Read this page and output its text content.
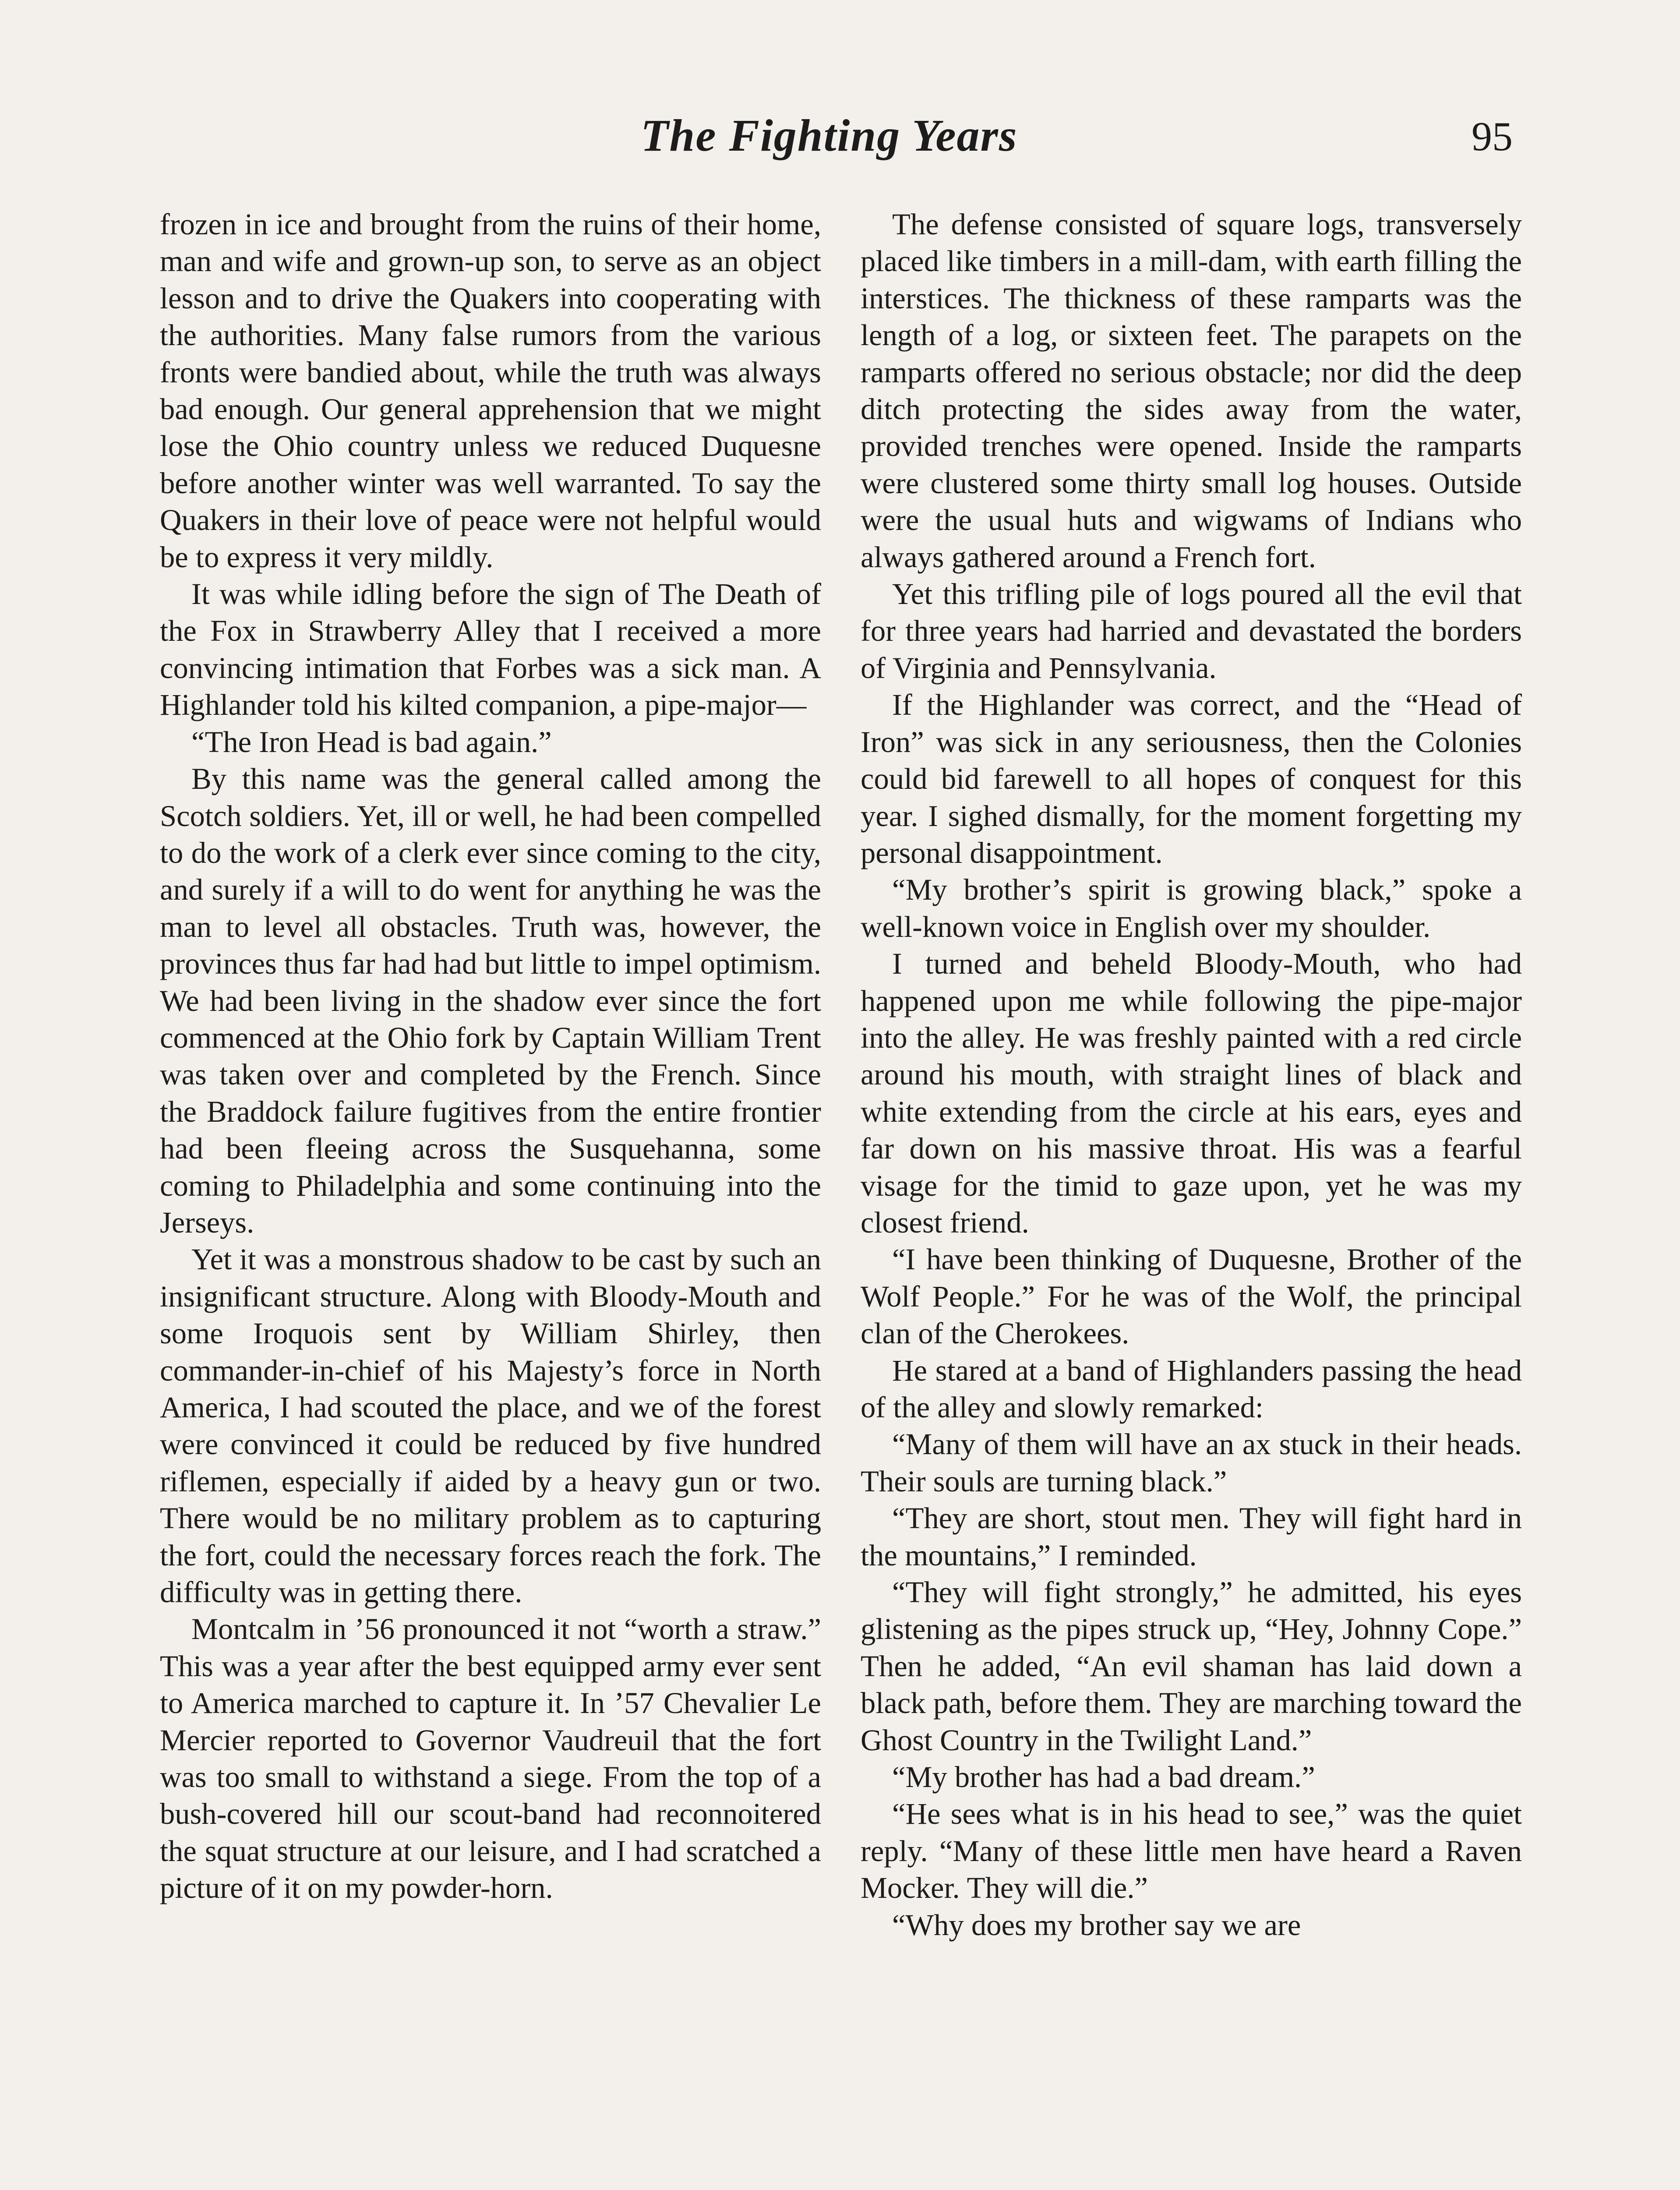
The Fighting Years	95

frozen in ice and brought from the ruins of their home, man and wife and grown-up son, to serve as an object lesson and to drive the Quakers into cooperating with the authorities. Many false rumors from the various fronts were bandied about, while the truth was always bad enough. Our general apprehension that we might lose the Ohio country unless we reduced Duquesne before another winter was well warranted. To say the Quakers in their love of peace were not helpful would be to express it very mildly.

It was while idling before the sign of The Death of the Fox in Strawberry Alley that I received a more convincing intimation that Forbes was a sick man. A Highlander told his kilted companion, a pipe-major—

“The Iron Head is bad again.”

By this name was the general called among the Scotch soldiers. Yet, ill or well, he had been compelled to do the work of a clerk ever since coming to the city, and surely if a will to do went for anything he was the man to level all obstacles. Truth was, however, the provinces thus far had had but little to impel optimism. We had been living in the shadow ever since the fort commenced at the Ohio fork by Captain William Trent was taken over and completed by the French. Since the Braddock failure fugitives from the entire frontier had been fleeing across the Susquehanna, some coming to Philadelphia and some continuing into the Jerseys.

Yet it was a monstrous shadow to be cast by such an insignificant structure. Along with Bloody-Mouth and some Iroquois sent by William Shirley, then commander-in-chief of his Majesty’s force in North America, I had scouted the place, and we of the forest were convinced it could be reduced by five hundred riflemen, especially if aided by a heavy gun or two. There would be no military problem as to capturing the fort, could the necessary forces reach the fork. The difficulty was in getting there.

Montcalm in ’56 pronounced it not “worth a straw.” This was a year after the best equipped army ever sent to America marched to capture it. In ’57 Chevalier Le Mercier reported to Governor Vaudreuil that the fort was too small to withstand a siege. From the top of a bush-covered hill our scout-band had reconnoitered the squat structure at our leisure, and I had scratched a picture of it on my powder-horn.

The defense consisted of square logs, transversely placed like timbers in a mill-dam, with earth filling the interstices. The thickness of these ramparts was the length of a log, or sixteen feet. The parapets on the ramparts offered no serious obstacle; nor did the deep ditch protecting the sides away from the water, provided trenches were opened. Inside the ramparts were clustered some thirty small log houses. Outside were the usual huts and wigwams of Indians who always gathered around a French fort.

Yet this trifling pile of logs poured all the evil that for three years had harried and devastated the borders of Virginia and Pennsylvania.

If the Highlander was correct, and the “Head of Iron” was sick in any seriousness, then the Colonies could bid farewell to all hopes of conquest for this year. I sighed dismally, for the moment forgetting my personal disappointment.

“My brother’s spirit is growing black,” spoke a well-known voice in English over my shoulder.

I turned and beheld Bloody-Mouth, who had happened upon me while following the pipe-major into the alley. He was freshly painted with a red circle around his mouth, with straight lines of black and white extending from the circle at his ears, eyes and far down on his massive throat. His was a fearful visage for the timid to gaze upon, yet he was my closest friend.

“I have been thinking of Duquesne, Brother of the Wolf People.” For he was of the Wolf, the principal clan of the Cherokees.

He stared at a band of Highlanders passing the head of the alley and slowly remarked:

“Many of them will have an ax stuck in their heads. Their souls are turning black.”

“They are short, stout men. They will fight hard in the mountains,” I reminded.

“They will fight strongly,” he admitted, his eyes glistening as the pipes struck up, “Hey, Johnny Cope.” Then he added, “An evil shaman has laid down a black path, before them. They are marching toward the Ghost Country in the Twilight Land.”

“My brother has had a bad dream.”

“He sees what is in his head to see,” was the quiet reply. “Many of these little men have heard a Raven Mocker. They will die.”

“Why does my brother say we are
